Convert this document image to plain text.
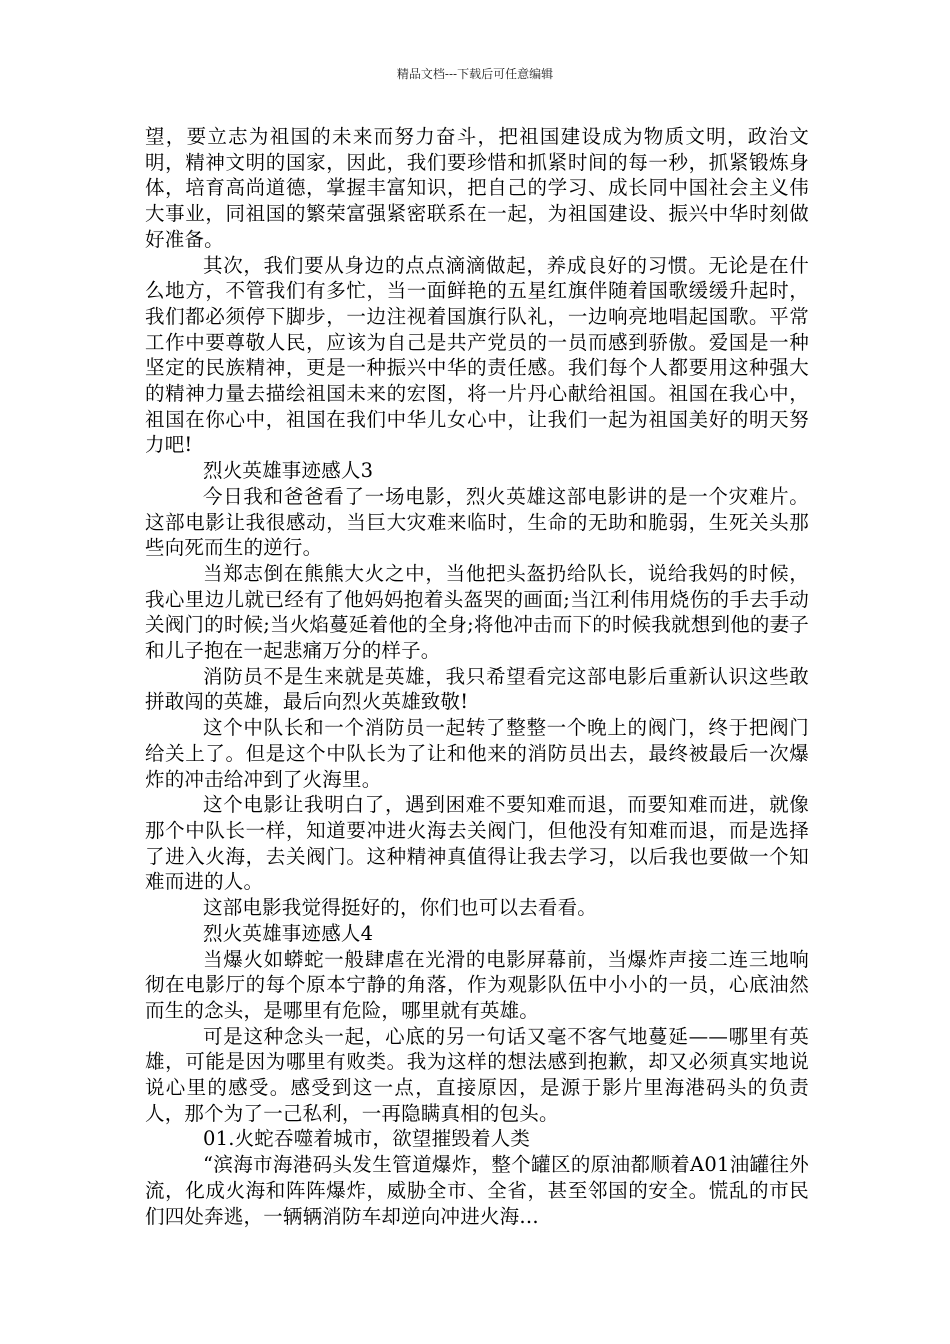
精品文档---下载后可任意编辑

望，要立志为祖国的未来而努力奋斗，把祖国建设成为物质文明，政治文明，精神文明的国家，因此，我们要珍惜和抓紧时间的每一秒，抓紧锻炼身体，培育高尚道德，掌握丰富知识，把自己的学习、成长同中国社会主义伟大事业，同祖国的繁荣富强紧密联系在一起，为祖国建设、振兴中华时刻做好准备。

其次，我们要从身边的点点滴滴做起，养成良好的习惯。无论是在什么地方，不管我们有多忙，当一面鲜艳的五星红旗伴随着国歌缓缓升起时，我们都必须停下脚步，一边注视着国旗行队礼，一边响亮地唱起国歌。平常工作中要尊敬人民，应该为自己是共产党员的一员而感到骄傲。爱国是一种坚定的民族精神，更是一种振兴中华的责任感。我们每个人都要用这种强大的精神力量去描绘祖国未来的宏图，将一片丹心献给祖国。祖国在我心中，祖国在你心中，祖国在我们中华儿女心中，让我们一起为祖国美好的明天努力吧!

烈火英雄事迹感人3

今日我和爸爸看了一场电影，烈火英雄这部电影讲的是一个灾难片。这部电影让我很感动，当巨大灾难来临时，生命的无助和脆弱，生死关头那些向死而生的逆行。

当郑志倒在熊熊大火之中，当他把头盔扔给队长，说给我妈的时候，我心里边儿就已经有了他妈妈抱着头盔哭的画面;当江利伟用烧伤的手去手动关阀门的时候;当火焰蔓延着他的全身;将他冲击而下的时候我就想到他的妻子和儿子抱在一起悲痛万分的样子。

消防员不是生来就是英雄，我只希望看完这部电影后重新认识这些敢拼敢闯的英雄，最后向烈火英雄致敬!

这个中队长和一个消防员一起转了整整一个晚上的阀门，终于把阀门给关上了。但是这个中队长为了让和他来的消防员出去，最终被最后一次爆炸的冲击给冲到了火海里。

这个电影让我明白了，遇到困难不要知难而退，而要知难而进，就像那个中队长一样，知道要冲进火海去关阀门，但他没有知难而退，而是选择了进入火海，去关阀门。这种精神真值得让我去学习，以后我也要做一个知难而进的人。

这部电影我觉得挺好的，你们也可以去看看。

烈火英雄事迹感人4

当爆火如蟒蛇一般肆虐在光滑的电影屏幕前，当爆炸声接二连三地响彻在电影厅的每个原本宁静的角落，作为观影队伍中小小的一员，心底油然而生的念头，是哪里有危险，哪里就有英雄。

可是这种念头一起，心底的另一句话又毫不客气地蔓延——哪里有英雄，可能是因为哪里有败类。我为这样的想法感到抱歉，却又必须真实地说说心里的感受。感受到这一点，直接原因，是源于影片里海港码头的负责人，那个为了一己私利，一再隐瞒真相的包头。

01.火蛇吞噬着城市，欲望摧毁着人类

“滨海市海港码头发生管道爆炸，整个罐区的原油都顺着A01油罐往外流，化成火海和阵阵爆炸，威胁全市、全省，甚至邻国的安全。慌乱的市民们四处奔逃，一辆辆消防车却逆向冲进火海…
